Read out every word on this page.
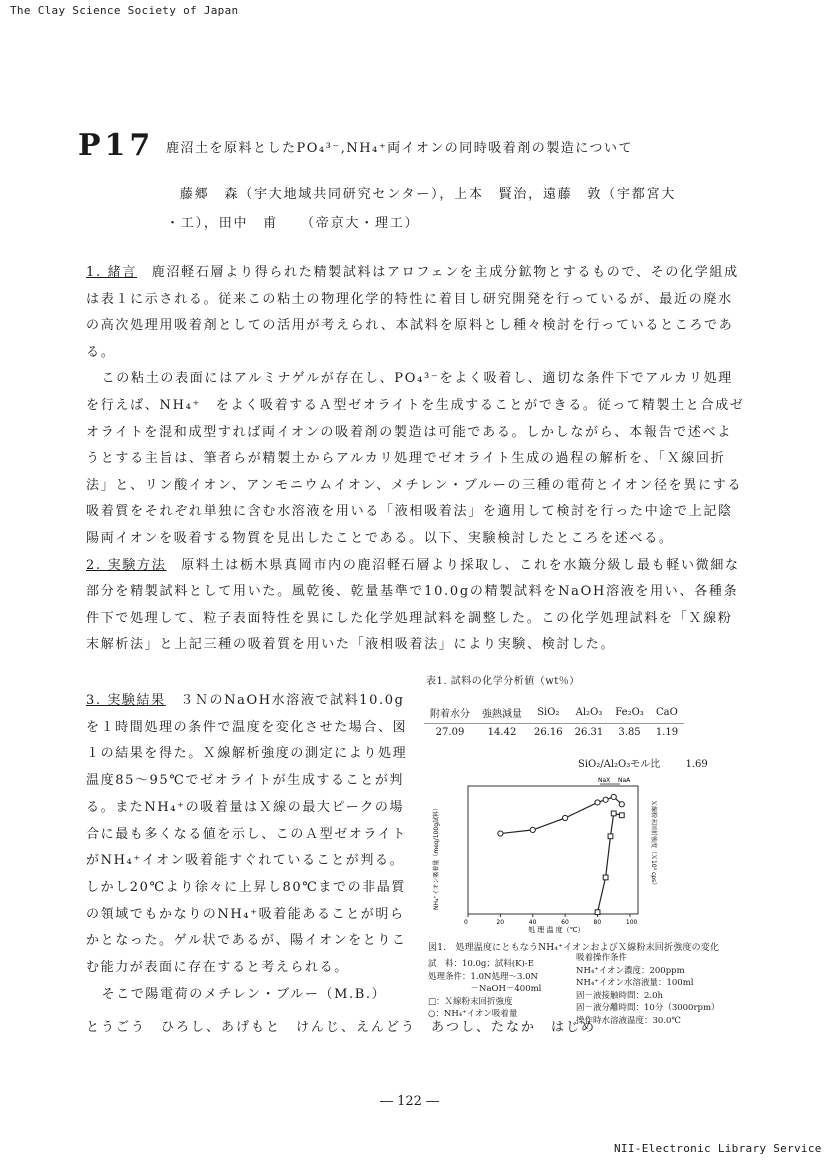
The Clay Science Society of Japan
P17 鹿沼土を原料としたPO₄³⁻,NH₄⁺両イオンの同時吸着剤の製造について
藤郷　森（宇大地域共同研究センター），上本　賢治，遠藤　敦（宇都宮大
・工），田中　甫　　（帝京大・理工）

1. 緒言　 鹿沼軽石層より得られた精製試料はアロフェンを主成分鉱物とするもので、その化学組成は表１に示される。従来この粘土の物理化学的特性に着目し研究開発を行っているが、最近の廃水の高次処理用吸着剤としての活用が考えられ、本試料を原料とし種々検討を行っているところである。

この粘土の表面にはアルミナゲルが存在し、PO₄³⁻をよく吸着し、適切な条件下でアルカリ処理を行えば、NH₄⁺　をよく吸着するＡ型ゼオライトを生成することができる。従って精製土と合成ゼオライトを混和成型すれば両イオンの吸着剤の製造は可能である。しかしながら、本報告で述べようとする主旨は、筆者らが精製土からアルカリ処理でゼオライト生成の過程の解析を、「Ｘ線回折法」と、リン酸イオン、アンモニウムイオン、メチレン・ブルーの三種の電荷とイオン径を異にする吸着質をそれぞれ単独に含む水溶液を用いる「液相吸着法」を適用して検討を行った中途で上記陰陽両イオンを吸着する物質を見出したことである。以下、実験検討したところを述べる。

2. 実験方法　 原料土は栃木県真岡市内の鹿沼軽石層より採取し、これを水簸分級し最も軽い微細な部分を精製試料として用いた。風乾後、乾量基準で10.0gの精製試料をNaOH溶液を用い、各種条件下で処理して、粒子表面特性を異にした化学処理試料を調整した。この化学処理試料を「Ｘ線粉末解析法」と上記三種の吸着質を用いた「液相吸着法」により実験、検討した。

3. 実験結果　 ３ＮのNaOH水溶液で試料10.0gを１時間処理の条件で温度を変化させた場合、図１の結果を得た。Ｘ線解析強度の測定により処理温度85～95℃でゼオライトが生成することが判る。またNH₄⁺の吸着量はＸ線の最大ピークの場合に最も多くなる値を示し、このＡ型ゼオライトがNH₄⁺イオン吸着能すぐれていることが判る。しかし20℃より徐々に上昇し80℃までの非晶質の領域でもかなりのNH₄⁺吸着能あることが明らかとなった。ゲル状であるが、陽イオンをとりこむ能力が表面に存在すると考えられる。

そこで陽電荷のメチレン・ブルー（M.B.）

表1. 試料の化学分析値（wt％）
附着水分	強熱減量	SiO₂	Al₂O₃	Fe₂O₃	CaO
27.09	14.42	26.16	26.31	3.85	1.19
SiO₂/Al₂O₃モル比	1.69
0	20	40	60	80	100
NaX NaA
NH₄⁺イオン吸着量（meq/100g試料）	Ｘ線粉末回折強度（Ｘ10³ cps）
処 理 温 度（℃）
図1.　処理温度にともなうNH₄⁺イオンおよびＸ線粉末回折強度の変化
試　料：10.0g；試料(K)-E
処理条件：1.0N処理～3.0N
　　　　　－NaOH－400ml
□：Ｘ線粉末回折強度
○：NH₄⁺イオン吸着量
吸着操作条件
NH₄⁺イオン濃度：200ppm
NH₄⁺イオン水溶液量：100ml
固－液接触時間：2.0h
固－液分離時間：10分（3000rpm）
操作時水溶液温度：30.0℃
とうごう　ひろし、あげもと　けんじ、えんどう　あつし、たなか　はじめ
― 122 ―
NII-Electronic Library Service
